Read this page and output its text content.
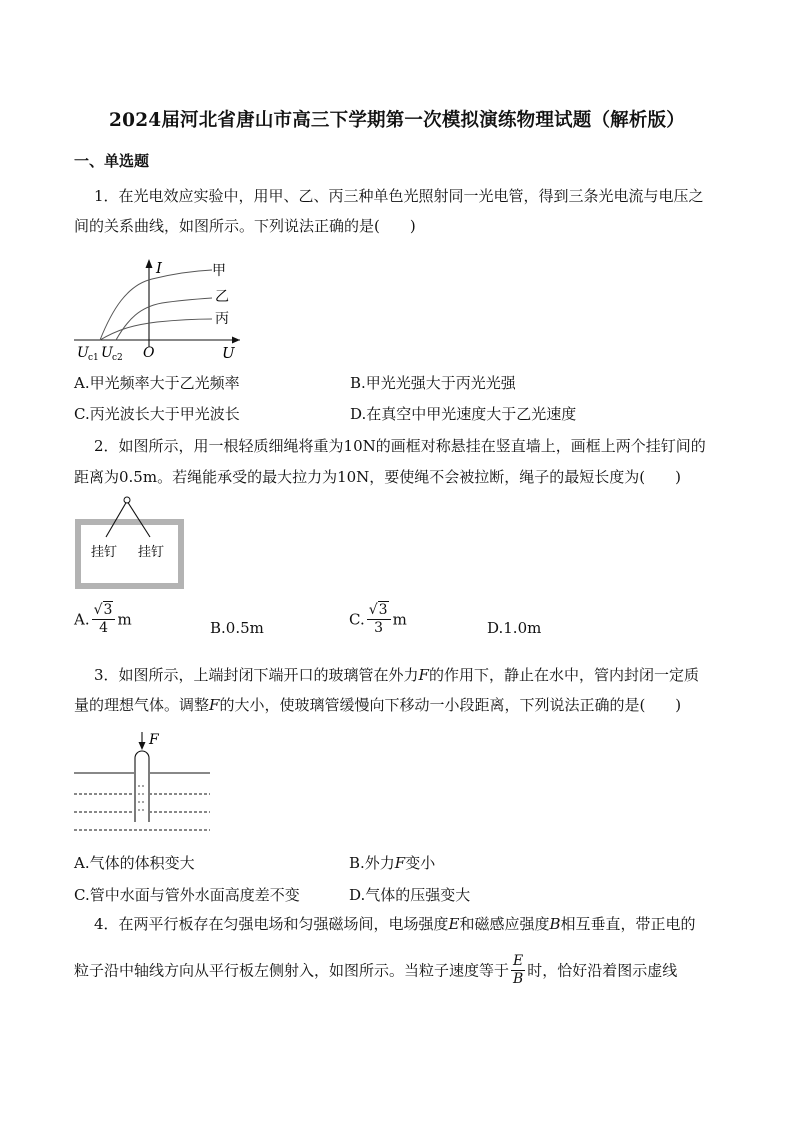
2024届河北省唐山市高三下学期第一次模拟演练物理试题（解析版）
一、单选题
1．在光电效应实验中，用甲、乙、丙三种单色光照射同一光电管，得到三条光电流与电压之
间的关系曲线，如图所示。下列说法正确的是(　　)
I	甲
乙
丙
U c1 U c2 O	U
A.甲光频率大于乙光频率	B.甲光光强大于丙光光强
C.丙光波长大于甲光波长	D.在真空中甲光速度大于乙光速度
2．如图所示，用一根轻质细绳将重为10N的画框对称悬挂在竖直墙上，画框上两个挂钉间的
距离为0.5m。若绳能承受的最大拉力为10N，要使绳不会被拉断，绳子的最短长度为(　　)
挂钉 挂钉
A. $\frac{√3}{4}$ m	B.0.5m	C. $\frac{√3}{3}$ m	D.1.0m
3．如图所示，上端封闭下端开口的玻璃管在外力F的作用下，静止在水中，管内封闭一定质
量的理想气体。调整F的大小，使玻璃管缓慢向下移动一小段距离，下列说法正确的是(　　)
F
A.气体的体积变大	B.外力F变小
C.管中水面与管外水面高度差不变	D.气体的压强变大
4．在两平行板存在匀强电场和匀强磁场间，电场强度E和磁感应强度B相互垂直，带正电的
粒子沿中轴线方向从平行板左侧射入，如图所示。当粒子速度等于 $\frac{E}{B}$ 时，恰好沿着图示虚线
